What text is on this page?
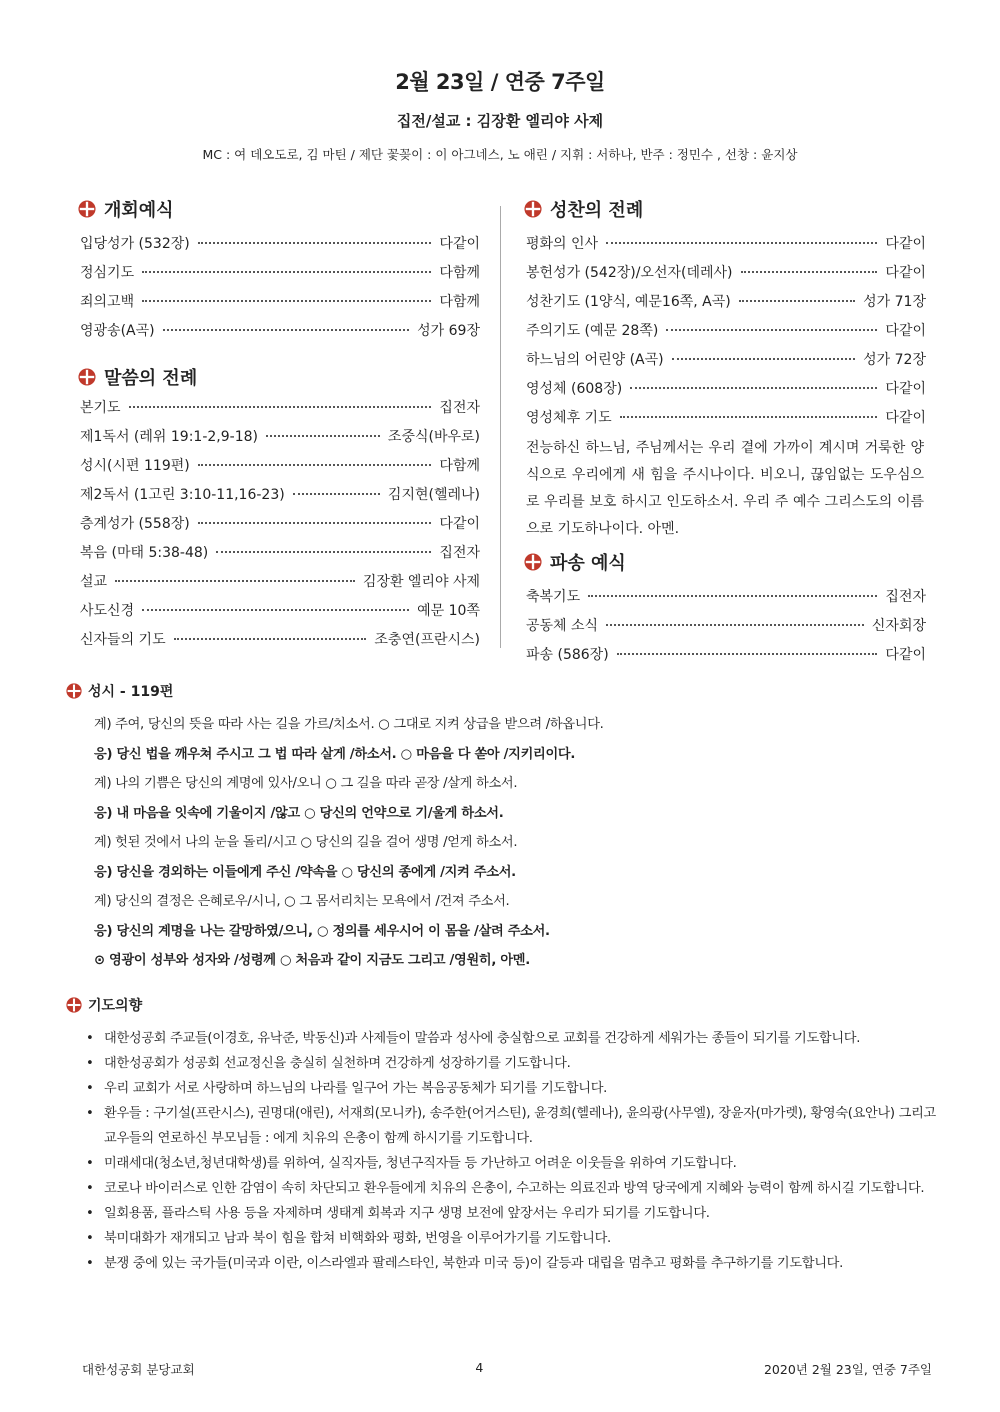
2월 23일 / 연중 7주일
집전/설교 : 김장환 엘리야 사제
MC : 여 데오도로, 김 마틴 / 제단 꽃꽂이 : 이 아그네스, 노 애린 / 지휘 : 서하나, 반주 : 정민수 , 선창 : 윤지상
개회예식
입당성가 (532장)	다같이
정심기도	다함께
죄의고백	다함께
영광송(A곡)	성가 69장
말씀의 전례
본기도	집전자
제1독서 (레위 19:1-2,9-18)	조중식(바우로)
성시(시편 119편)	다함께
제2독서 (1고린 3:10-11,16-23)	김지현(헬레나)
층계성가 (558장)	다같이
복음 (마태 5:38-48)	집전자
설교	김장환 엘리야 사제
사도신경	예문 10쪽
신자들의 기도	조충연(프란시스)
성찬의 전례
평화의 인사	다같이
봉헌성가 (542장)/오선자(데레사)	다같이
성찬기도 (1양식, 예문16쪽, A곡)	성가 71장
주의기도 (예문 28쪽)	다같이
하느님의 어린양 (A곡)	성가 72장
영성체 (608장)	다같이
영성체후 기도	다같이
전능하신 하느님, 주님께서는 우리 곁에 가까이 계시며 거룩한 양식으로 우리에게 새 힘을 주시나이다. 비오니, 끊임없는 도우심으로 우리를 보호 하시고 인도하소서. 우리 주 예수 그리스도의 이름으로 기도하나이다. 아멘.
파송 예식
축복기도	집전자
공동체 소식	신자회장
파송 (586장)	다같이
성시 - 119편
계) 주여, 당신의 뜻을 따라 사는 길을 가르/치소서. ○ 그대로 지켜 상급을 받으려 /하옵니다.
응) 당신 법을 깨우쳐 주시고 그 법 따라 살게 /하소서. ○ 마음을 다 쏟아 /지키리이다.
계) 나의 기쁨은 당신의 계명에 있사/오니 ○ 그 길을 따라 곧장 /살게 하소서.
응) 내 마음을 잇속에 기울이지 /않고 ○ 당신의 언약으로 기/울게 하소서.
계) 헛된 것에서 나의 눈을 돌리/시고 ○ 당신의 길을 걸어 생명 /얻게 하소서.
응) 당신을 경외하는 이들에게 주신 /약속을 ○ 당신의 종에게 /지켜 주소서.
계) 당신의 결정은 은혜로우/시니, ○ 그 몸서리치는 모욕에서 /건져 주소서.
응) 당신의 계명을 나는 갈망하였/으니, ○ 정의를 세우시어 이 몸을 /살려 주소서.
⊙ 영광이 성부와 성자와 /성령께 ○ 처음과 같이 지금도 그리고 /영원히, 아멘.
기도의향
• 대한성공회 주교들(이경호, 유낙준, 박동신)과 사제들이 말씀과 성사에 충실함으로 교회를 건강하게 세워가는 종들이 되기를 기도합니다.
• 대한성공회가 성공회 선교정신을 충실히 실천하며 건강하게 성장하기를 기도합니다.
• 우리 교회가 서로 사랑하며 하느님의 나라를 일구어 가는 복음공동체가 되기를 기도합니다.
• 환우들 : 구기설(프란시스), 권명대(애린), 서재희(모니카), 송주한(어거스틴), 윤경희(헬레나), 윤의광(사무엘), 장윤자(마가렛), 황영숙(요안나) 그리고 교우들의 연로하신 부모님들 : 에게 치유의 은총이 함께 하시기를 기도합니다.
• 미래세대(청소년,청년대학생)를 위하여, 실직자들, 청년구직자들 등 가난하고 어려운 이웃들을 위하여 기도합니다.
• 코로나 바이러스로 인한 감염이 속히 차단되고 환우들에게 치유의 은총이, 수고하는 의료진과 방역 당국에게 지혜와 능력이 함께 하시길 기도합니다.
• 일회용품, 플라스틱 사용 등을 자제하며 생태계 회복과 지구 생명 보전에 앞장서는 우리가 되기를 기도합니다.
• 북미대화가 재개되고 남과 북이 힘을 합쳐 비핵화와 평화, 번영을 이루어가기를 기도합니다.
• 분쟁 중에 있는 국가들(미국과 이란, 이스라엘과 팔레스타인, 북한과 미국 등)이 갈등과 대립을 멈추고 평화를 추구하기를 기도합니다.
대한성공회 분당교회	4	2020년 2월 23일, 연중 7주일
